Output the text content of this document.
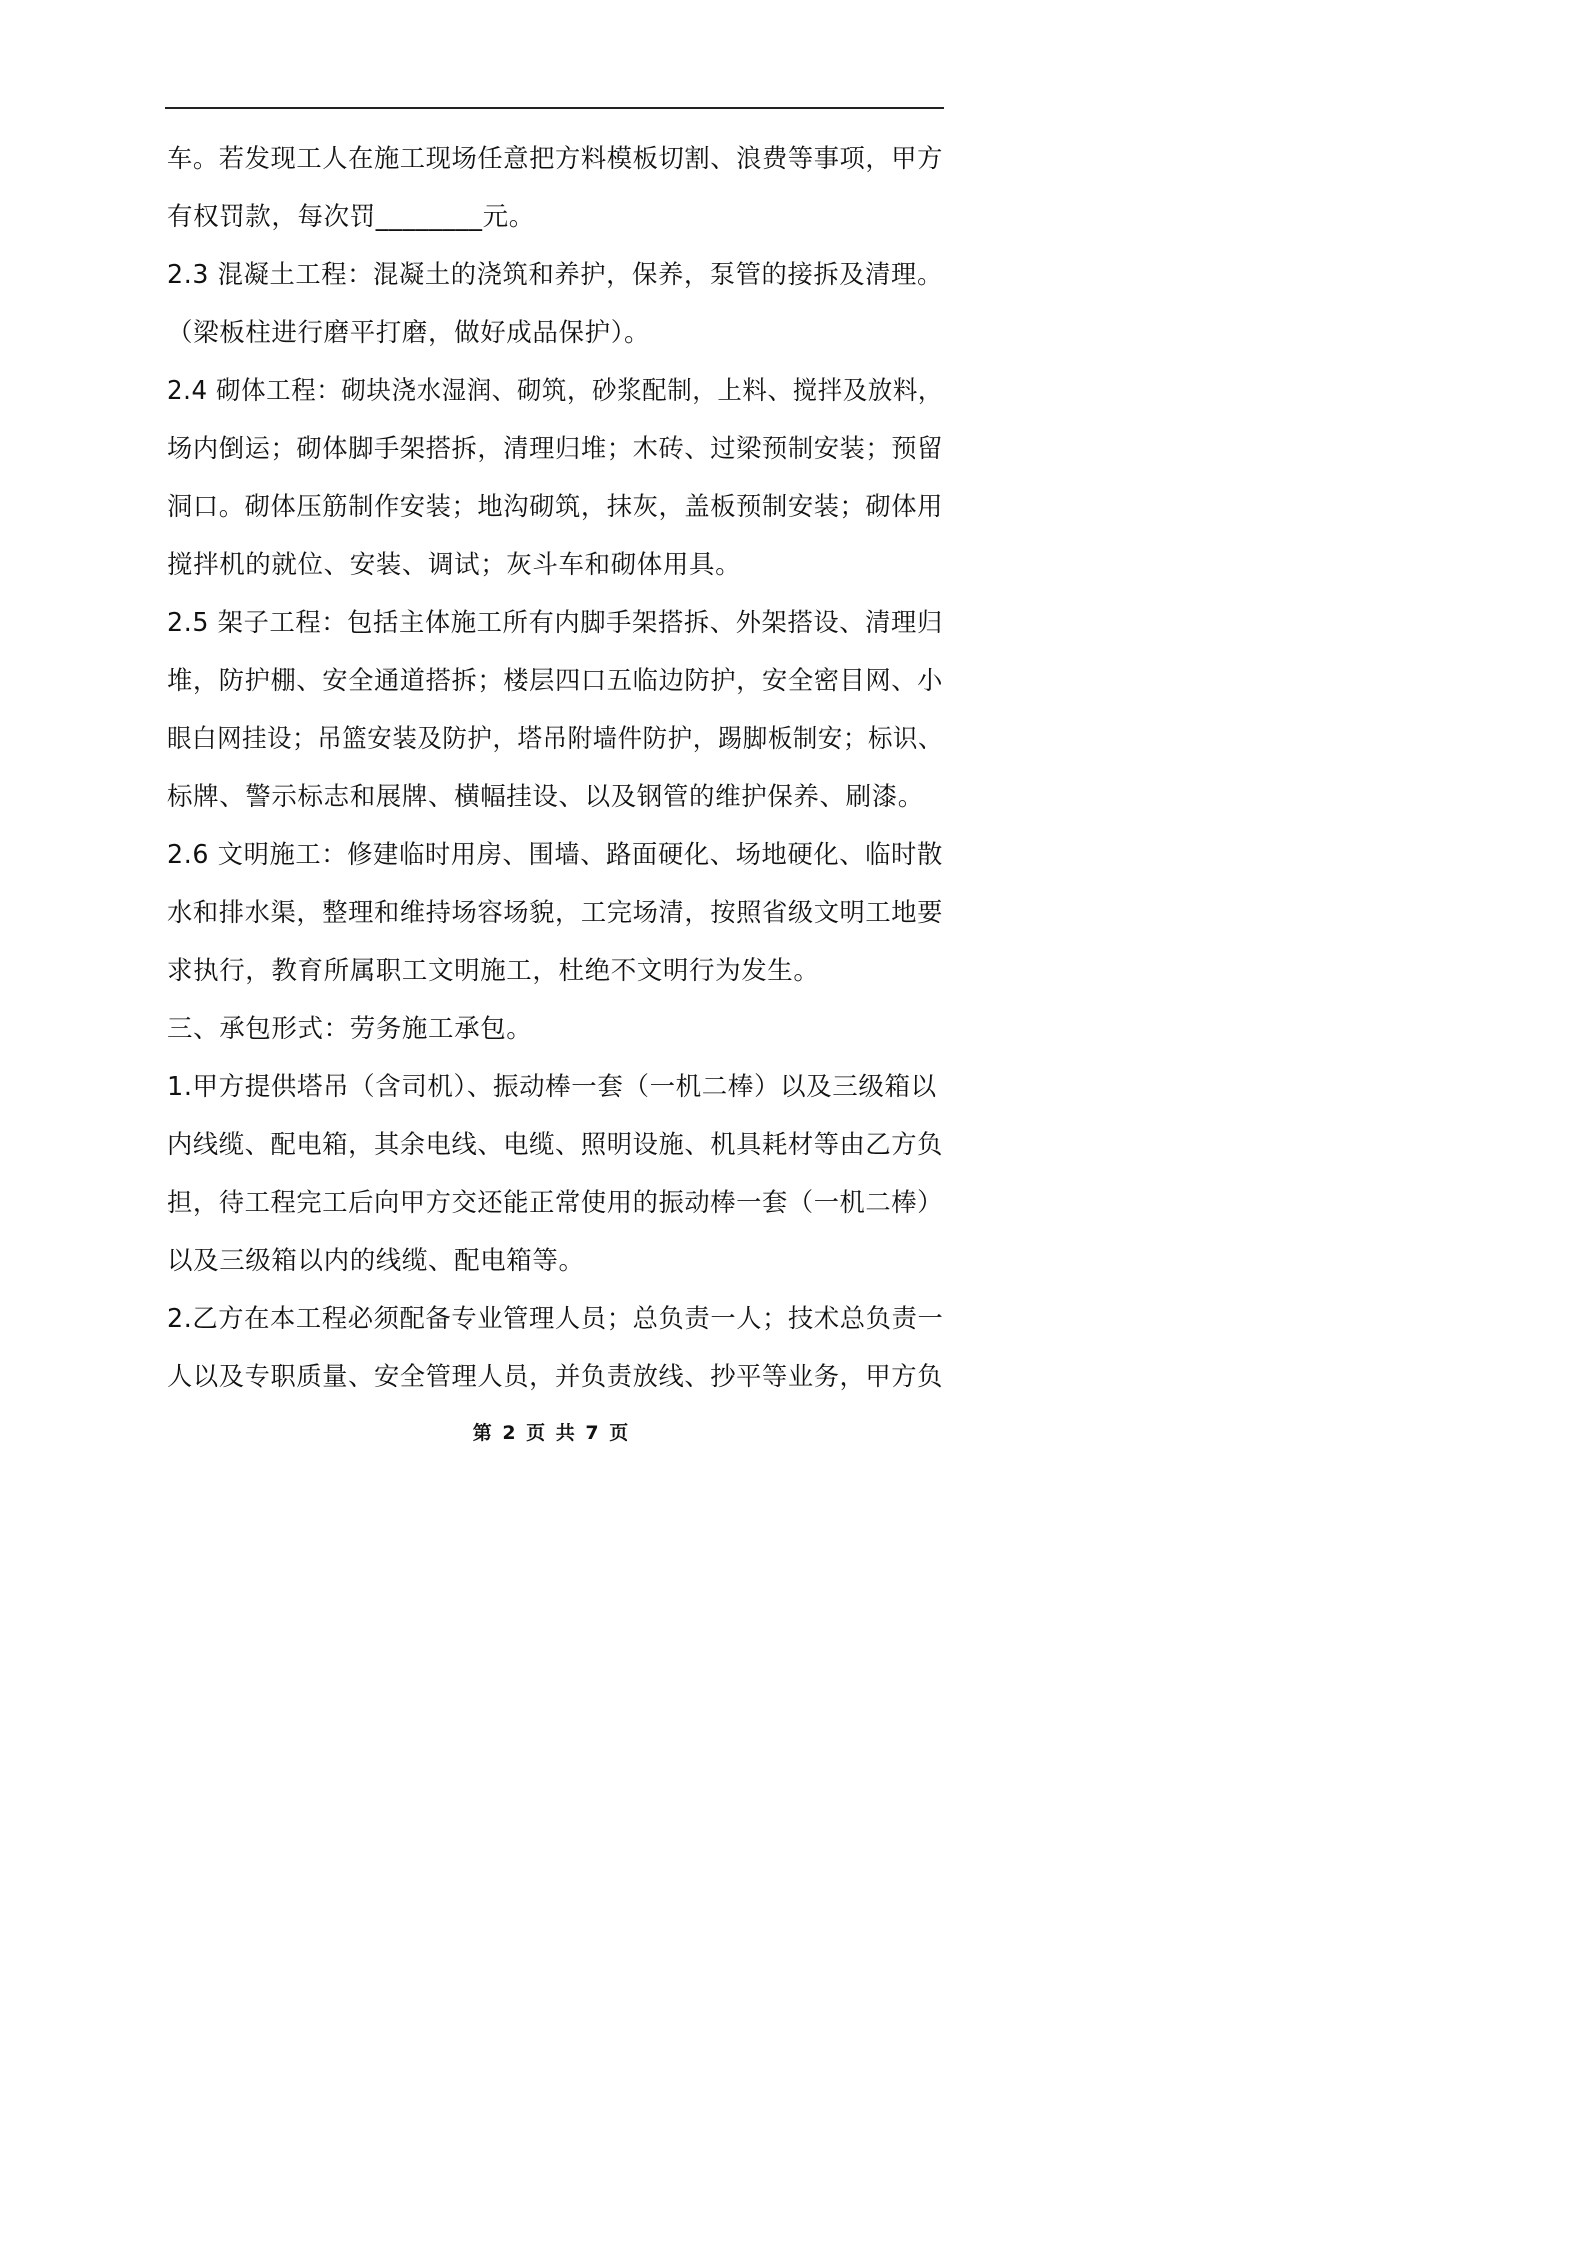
车。若发现工人在施工现场任意把方料模板切割、浪费等事项，甲方
有权罚款，每次罚________元。
2.3 混凝土工程：混凝土的浇筑和养护，保养，泵管的接拆及清理。
（梁板柱进行磨平打磨，做好成品保护）。
2.4 砌体工程：砌块浇水湿润、砌筑，砂浆配制，上料、搅拌及放料，
场内倒运；砌体脚手架搭拆，清理归堆；木砖、过梁预制安装；预留
洞口。砌体压筋制作安装；地沟砌筑，抹灰，盖板预制安装；砌体用
搅拌机的就位、安装、调试；灰斗车和砌体用具。
2.5 架子工程：包括主体施工所有内脚手架搭拆、外架搭设、清理归
堆，防护棚、安全通道搭拆；楼层四口五临边防护，安全密目网、小
眼白网挂设；吊篮安装及防护，塔吊附墙件防护，踢脚板制安；标识、
标牌、警示标志和展牌、横幅挂设、以及钢管的维护保养、刷漆。
2.6 文明施工：修建临时用房、围墙、路面硬化、场地硬化、临时散
水和排水渠，整理和维持场容场貌，工完场清，按照省级文明工地要
求执行，教育所属职工文明施工，杜绝不文明行为发生。
三、承包形式：劳务施工承包。
1.甲方提供塔吊（含司机）、振动棒一套（一机二棒）以及三级箱以
内线缆、配电箱，其余电线、电缆、照明设施、机具耗材等由乙方负
担，待工程完工后向甲方交还能正常使用的振动棒一套（一机二棒）
以及三级箱以内的线缆、配电箱等。
2.乙方在本工程必须配备专业管理人员；总负责一人；技术总负责一
人以及专职质量、安全管理人员，并负责放线、抄平等业务，甲方负
第 2 页 共 7 页
